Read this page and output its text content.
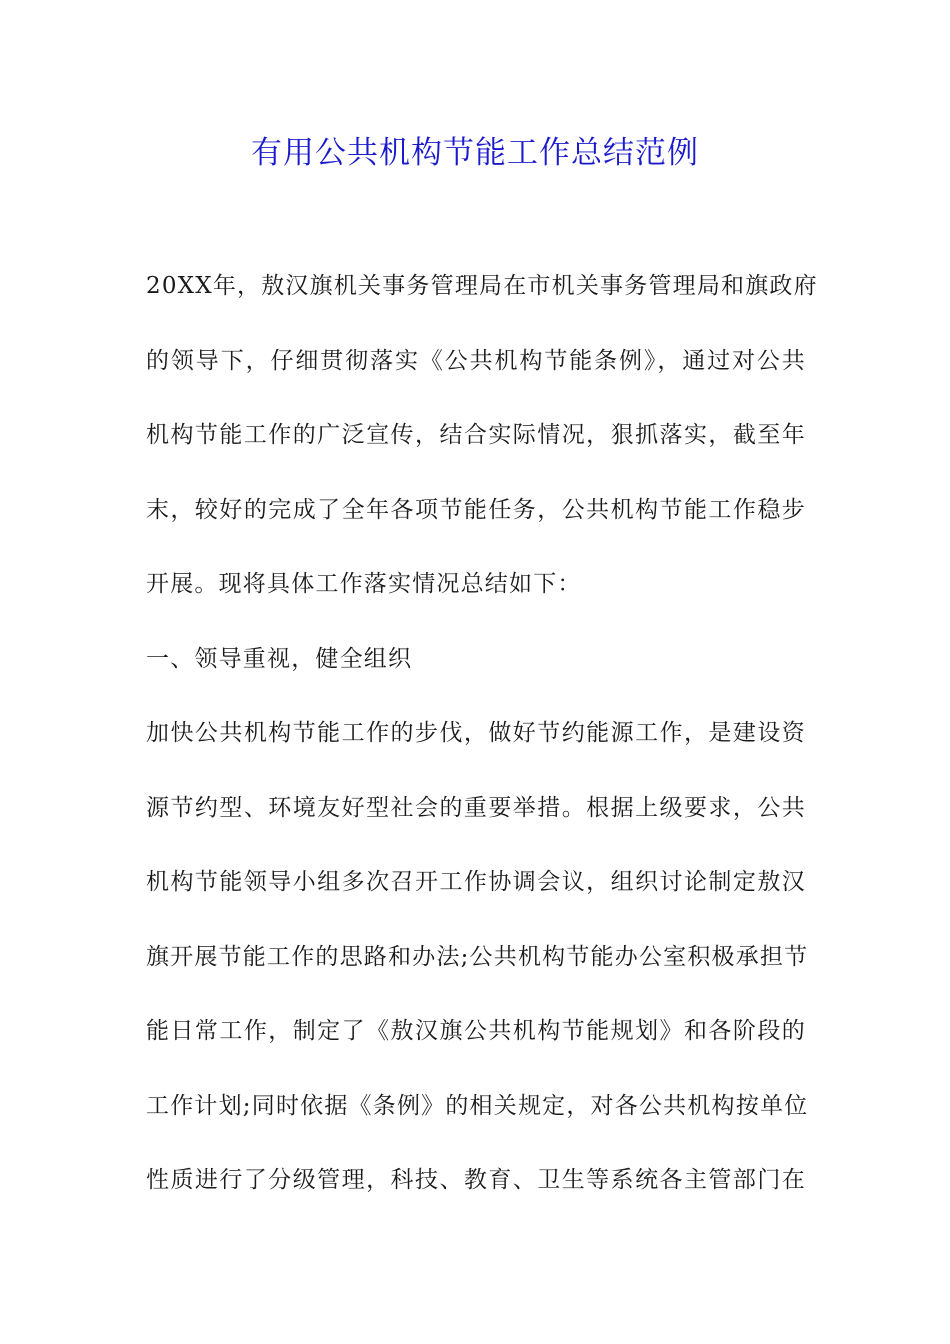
有用公共机构节能工作总结范例
20XX年，敖汉旗机关事务管理局在市机关事务管理局和旗政府
的领导下，仔细贯彻落实《公共机构节能条例》，通过对公共
机构节能工作的广泛宣传，结合实际情况，狠抓落实，截至年
末，较好的完成了全年各项节能任务，公共机构节能工作稳步
开展。现将具体工作落实情况总结如下：
一、领导重视，健全组织
加快公共机构节能工作的步伐，做好节约能源工作，是建设资
源节约型、环境友好型社会的重要举措。根据上级要求，公共
机构节能领导小组多次召开工作协调会议，组织讨论制定敖汉
旗开展节能工作的思路和办法;公共机构节能办公室积极承担节
能日常工作，制定了《敖汉旗公共机构节能规划》和各阶段的
工作计划;同时依据《条例》的相关规定，对各公共机构按单位
性质进行了分级管理，科技、教育、卫生等系统各主管部门在
